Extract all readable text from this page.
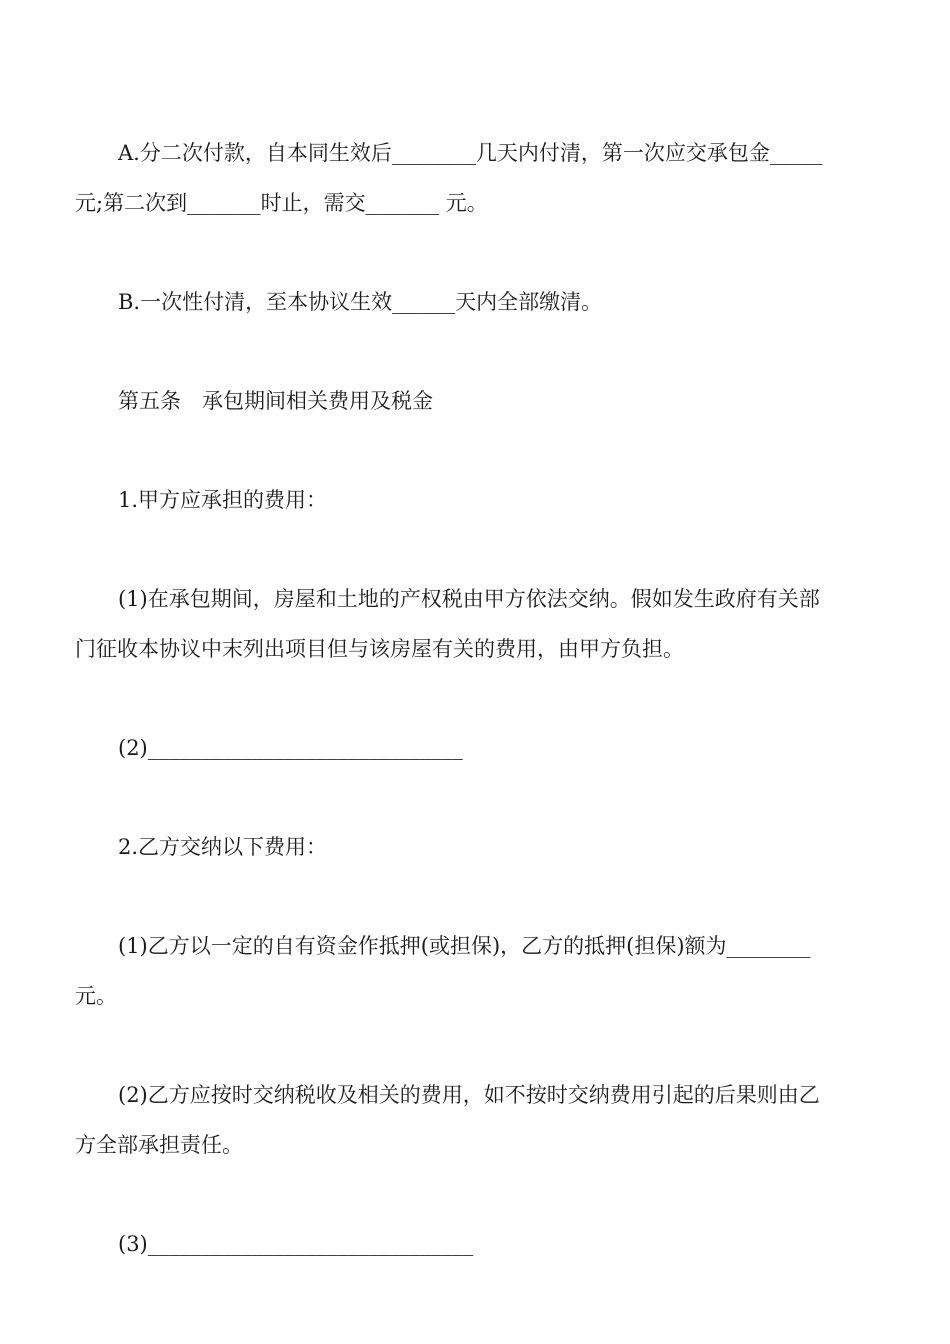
A.分二次付款，自本同生效后________几天内付清，第一次应交承包金_____
元;第二次到_______时止，需交_______ 元。
B.一次性付清，至本协议生效______天内全部缴清。
第五条　承包期间相关费用及税金
1.甲方应承担的费用：
(1)在承包期间，房屋和土地的产权税由甲方依法交纳。假如发生政府有关部
门征收本协议中末列出项目但与该房屋有关的费用，由甲方负担。
(2)______________________________
2.乙方交纳以下费用：
(1)乙方以一定的自有资金作抵押(或担保)，乙方的抵押(担保)额为________
元。
(2)乙方应按时交纳税收及相关的费用，如不按时交纳费用引起的后果则由乙
方全部承担责任。
(3)_______________________________
